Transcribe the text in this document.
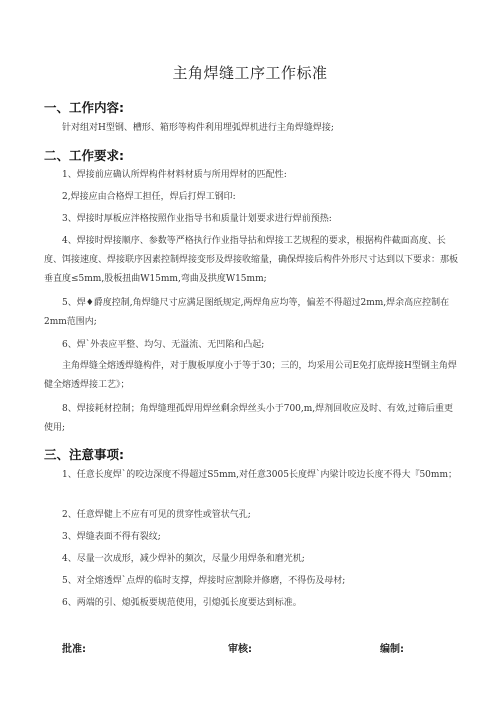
主角焊缝工序工作标准
一、工作内容:
针对组对H型钢、槽形、箱形等构件利用埋弧焊机进行主角焊缝焊接;
二、工作要求:
1、焊接前应确认所焊构件材料材质与所用焊材的匹配性:
2,焊接应由合格焊工担任，焊后打焊工钢印:
3、焊接时厚板应泮格按照作业指导书和质量计划要求进行焊前预热:
4、焊接时焊接顺序、参数等严格执行作业指导拈和焊接工艺规程的要求，根据构件截面高度、长度、饵接速度、焊接联序因素控制焊接变形及焊接收缩量，确保焊接后构件外形尺寸达到以下要求：那板垂直度≤5mm,股板扭曲W15mm,弯曲及拱度W15mm;
5、焊♦爵度控制,角焊缝尺寸应满足图纸规定,两焊角应均等，偏差不得超过2mm,焊余高应控制在2mm范围内;
6、焊`外表应平整、均匀、无溢流、无凹陷和凸起;
主角焊缝全熔透焊缝构件，对于腹板厚度小于等于30；三的，均采用公司E免打底焊接H型钢主角焊健全熔透焊接工艺》；
8、焊接耗材控制；角焊缝理孤焊用焊丝剩余焊丝头小于700,m,焊剂回收应及时、有效,过筛后重更使用;
三、注意事项:
1、任意长度焊`的咬边深度不得超过S5mm,对任意3005长度焊`内梁计咬边长度不得大『50mm；
2、任意焊健上不应有可见的贯穿性或管状气孔;
3、焊缝表面不得有裂纹;
4、尽量一次成形，减少焊补的频次，尽量少用焊条和磨光机;
5、对全熔透焊`点焊的临时支撑，焊接时应割除并修磨，不得伤及母材;
6、两端的引、熄弧板要规范使用，引熄弧长度要达到标准。
批准:	审核:	编制:
